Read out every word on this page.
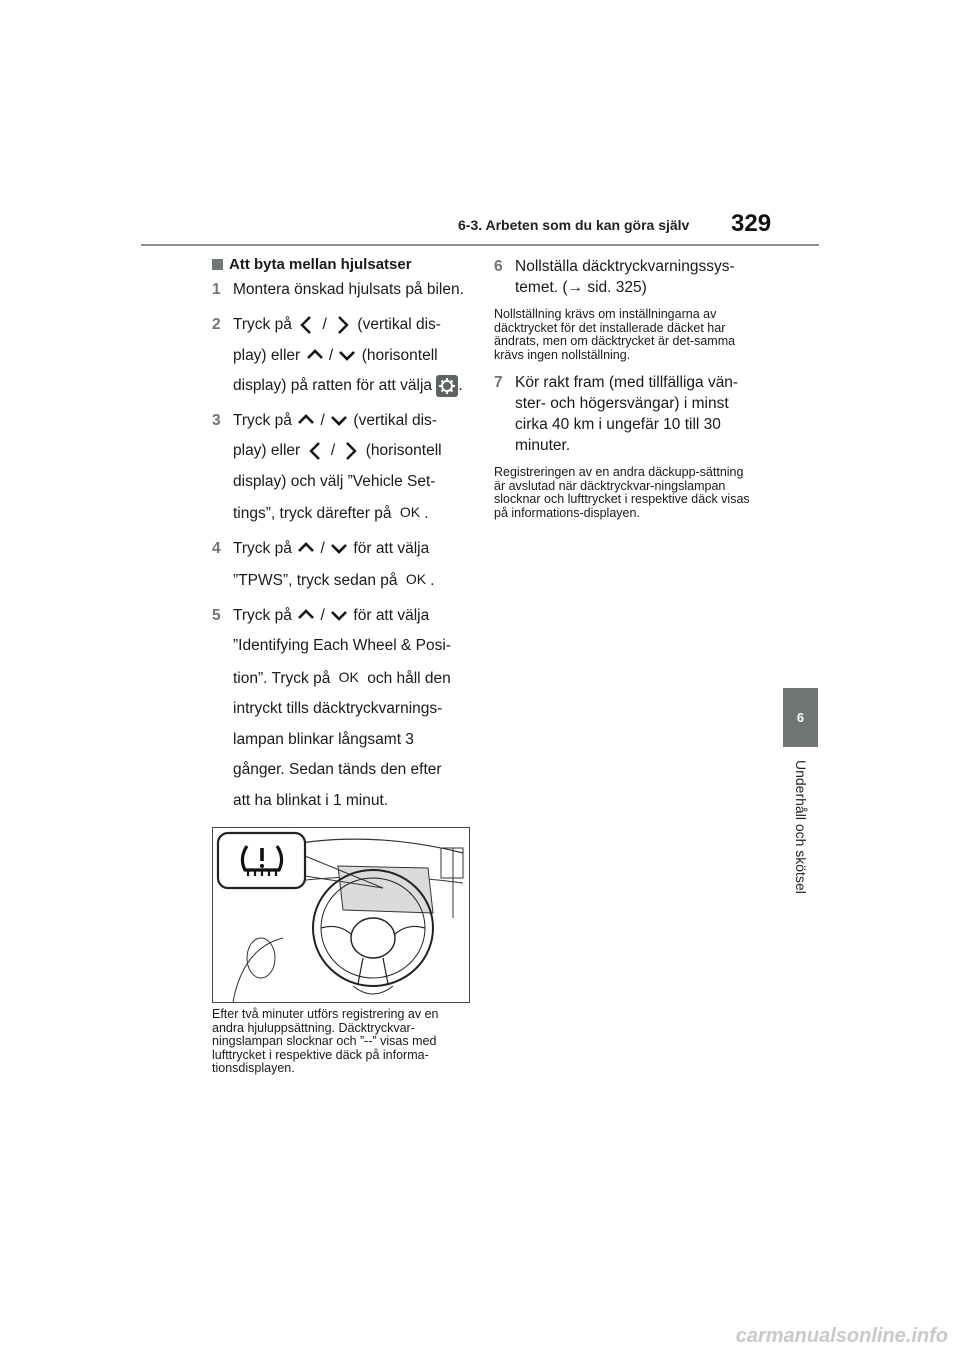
6-3. Arbeten som du kan göra själv 329
6
Underhåll och skötsel
Att byta mellan hjulsatser
1 Montera önskad hjulsats på bilen.
2 Tryck på / (vertikal dis-
play) eller / (horisontell
display) på ratten för att välja .
3 Tryck på / (vertikal dis-
play) eller / (horisontell
display) och välj ”Vehicle Set-
tings”, tryck därefter på OK .
4 Tryck på / för att välja
”TPWS”, tryck sedan på OK .
5 Tryck på / för att välja
”Identifying Each Wheel & Posi-
tion”. Tryck på OK och håll den
intryckt tills däcktryckvarnings-
lampan blinkar långsamt 3
gånger. Sedan tänds den efter
att ha blinkat i 1 minut.
Efter två minuter utförs registrering av en andra hjuluppsättning. Däcktryckvar-ningslampan slocknar och ”--” visas med lufttrycket i respektive däck på informa-tionsdisplayen.
6 Nollställa däcktryckvarningssys-temet. (→ sid. 325)
Nollställning krävs om inställningarna av däcktrycket för det installerade däcket har ändrats, men om däcktrycket är det-samma krävs ingen nollställning.
7 Kör rakt fram (med tillfälliga vän-ster- och högersvängar) i minst cirka 40 km i ungefär 10 till 30 minuter.
Registreringen av en andra däckupp-sättning är avslutad när däcktryckvar-ningslampan slocknar och lufttrycket i respektive däck visas på informations-displayen.
carmanualsonline.info
